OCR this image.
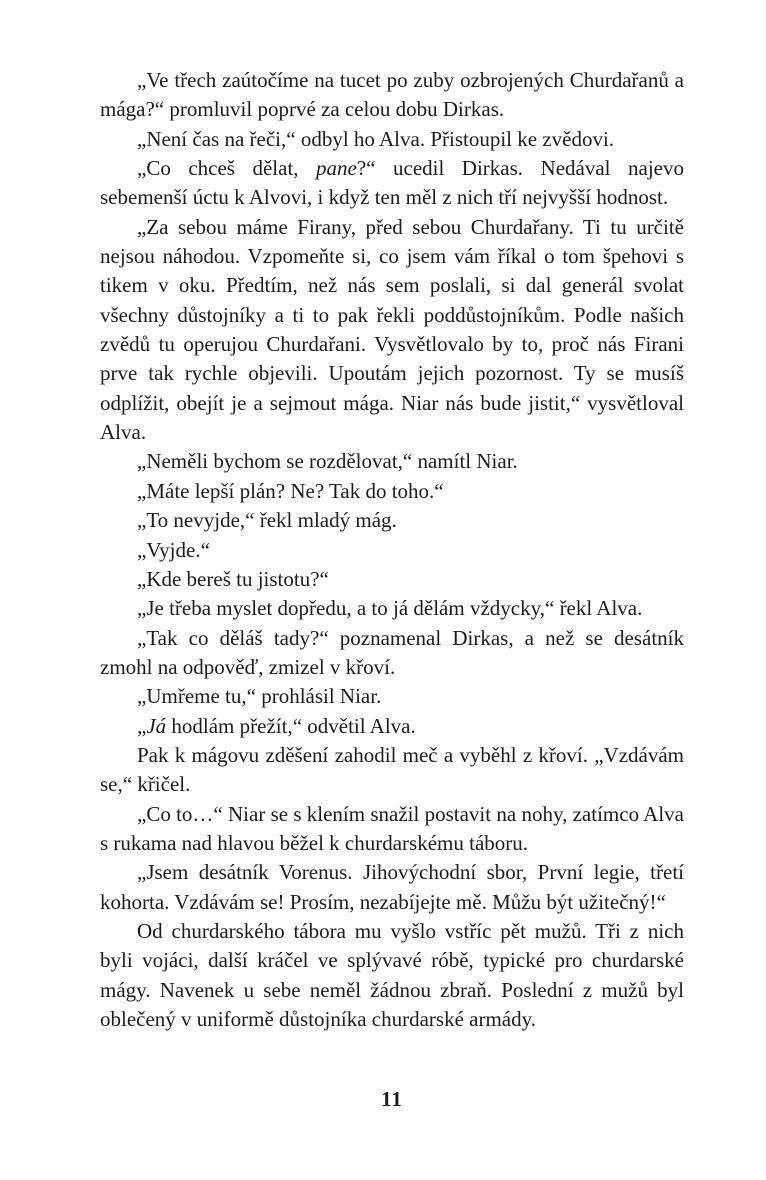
„Ve třech zaútočíme na tucet po zuby ozbrojených Churdařanů a mága?“ promluvil poprvé za celou dobu Dirkas.

„Není čas na řeči,“ odbyl ho Alva. Přistoupil ke zvědovi.

„Co chceš dělat, pane?“ ucedil Dirkas. Nedával najevo sebemenší úctu k Alvovi, i když ten měl z nich tří nejvyšší hodnost.

„Za sebou máme Firany, před sebou Churdařany. Ti tu určitě nejsou náhodou. Vzpomeňte si, co jsem vám říkal o tom špehovi s tikem v oku. Předtím, než nás sem poslali, si dal generál svolat všechny důstojníky a ti to pak řekli poddůstojníkům. Podle našich zvědů tu operujou Churdařani. Vysvětlovalo by to, proč nás Firani prve tak rychle objevili. Upoutám jejich pozornost. Ty se musíš odplížit, obejít je a sejmout mága. Niar nás bude jistit,“ vysvětloval Alva.

„Neměli bychom se rozdělovat,“ namítl Niar.

„Máte lepší plán? Ne? Tak do toho.“

„To nevyjde,“ řekl mladý mág.

„Vyjde.“

„Kde bereš tu jistotu?“

„Je třeba myslet dopředu, a to já dělám vždycky,“ řekl Alva.

„Tak co děláš tady?“ poznamenal Dirkas, a než se desátník zmohl na odpověď, zmizel v křoví.

„Umřeme tu,“ prohlásil Niar.

„Já hodlám přežít,“ odvětil Alva.

Pak k mágovu zděšení zahodil meč a vyběhl z křoví. „Vzdávám se,“ křičel.

„Co to…“ Niar se s klením snažil postavit na nohy, zatímco Alva s rukama nad hlavou běžel k churdarskému táboru.

„Jsem desátník Vorenus. Jihovýchodní sbor, První legie, třetí kohorta. Vzdávám se! Prosím, nezabíjejte mě. Můžu být užitečný!“

Od churdarského tábora mu vyšlo vstříc pět mužů. Tři z nich byli vojáci, další kráčel ve splývavé róbě, typické pro churdarské mágy. Navenek u sebe neměl žádnou zbraň. Poslední z mužů byl oblečený v uniformě důstojníka churdarské armády.

11
